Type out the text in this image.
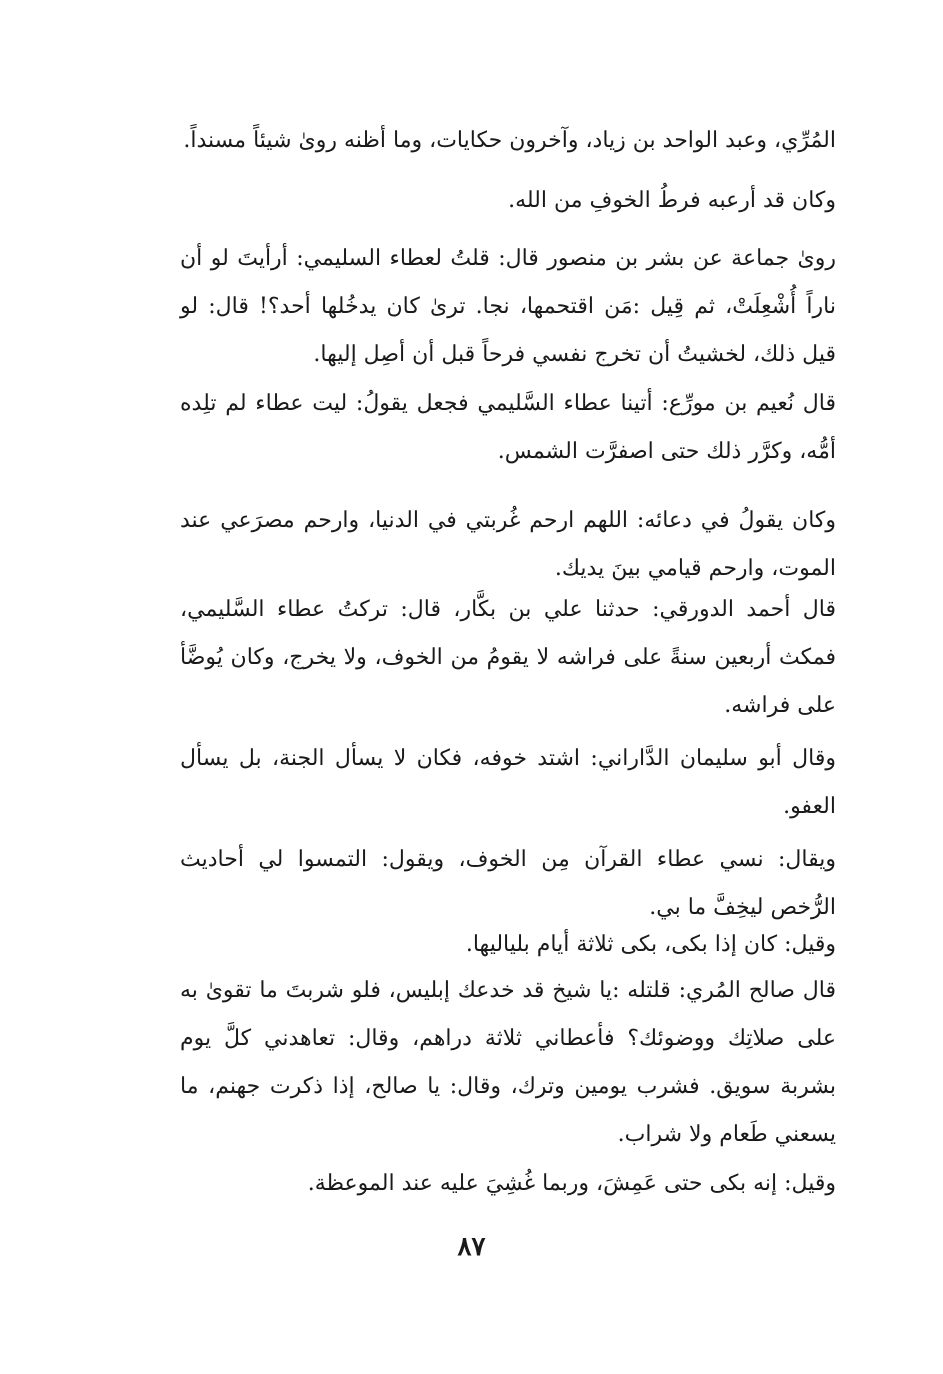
المُرِّي، وعبد الواحد بن زياد، وآخرون حكايات، وما أظنه روىٰ شيئاً مسنداً.

وكان قد أرعبه فرطُ الخوفِ من الله.

روىٰ جماعة عن بشر بن منصور قال: قلتُ لعطاء السليمي: أرأيتَ لو أن ناراً أُشْعِلَتْ، ثم قِيل :مَن اقتحمها، نجا. ترىٰ كان يدخُلها أحد؟! قال: لو قيل ذلك، لخشيتُ أن تخرج نفسي فرحاً قبل أن أصِل إليها.

قال نُعيم بن مورِّع: أتينا عطاء السَّليمي فجعل يقولُ: ليت عطاء لم تلِده أمُّه، وكرَّر ذلك حتى اصفرَّت الشمس.

وكان يقولُ في دعائه: اللهم ارحم غُربتي في الدنيا، وارحم مصرَعي عند الموت، وارحم قيامي بينَ يديك.

قال أحمد الدورقي: حدثنا علي بن بكَّار، قال: تركتُ عطاء السَّليمي، فمكث أربعين سنةً على فراشه لا يقومُ من الخوف، ولا يخرج، وكان يُوضَّأ على فراشه.

وقال أبو سليمان الدَّاراني: اشتد خوفه، فكان لا يسأل الجنة، بل يسأل العفو.

ويقال: نسي عطاء القرآن مِن الخوف، ويقول: التمسوا لي أحاديث الرُّخص ليخِفَّ ما بي.

وقيل: كان إذا بكى، بكى ثلاثة أيام بلياليها.

قال صالح المُري: قلتله :يا شيخ قد خدعك إبليس، فلو شربتَ ما تقوىٰ به على صلاتِك ووضوئك؟ فأعطاني ثلاثة دراهم، وقال: تعاهدني كلَّ يوم بشربة سويق. فشرب يومين وترك، وقال: يا صالح، إذا ذكرت جهنم، ما يسعني طَعام ولا شراب.

وقيل: إنه بكى حتى عَمِشَ، وربما غُشِيَ عليه عند الموعظة.

٨٧
